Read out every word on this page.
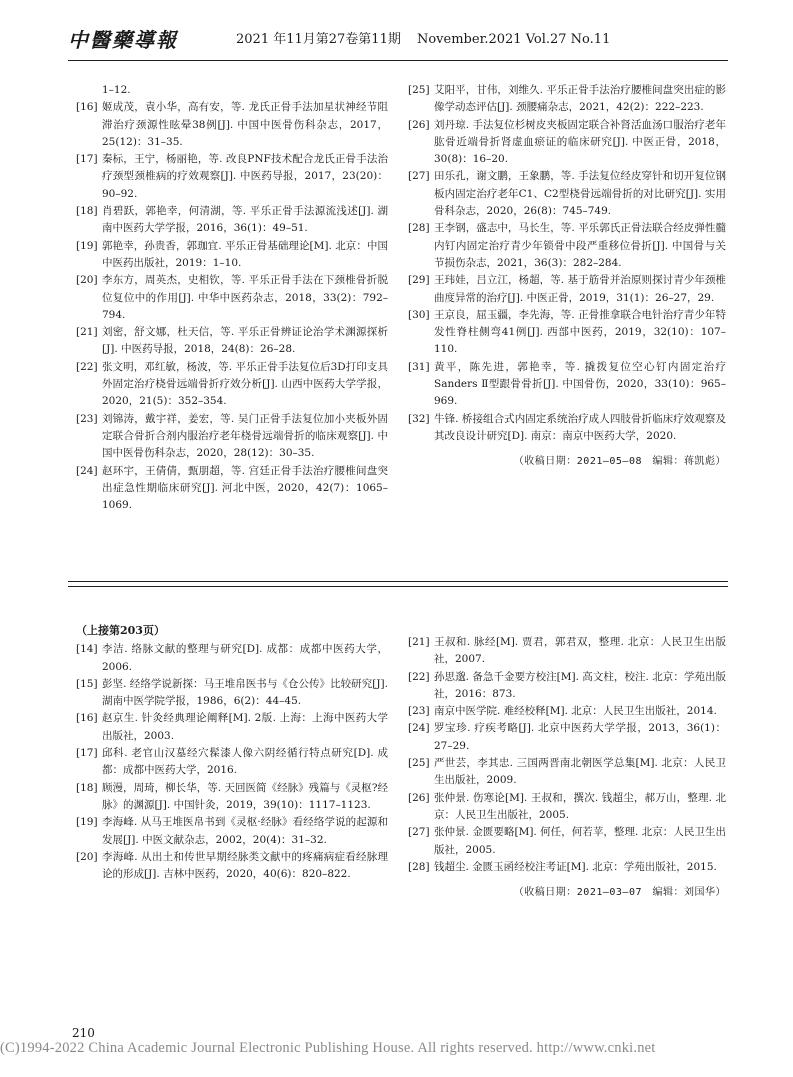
中醫藥導報	2021 年11月第27卷第11期 November.2021 Vol.27 No.11
1–12.
[16] 姬成茂，袁小华，高有安，等. 龙氏正骨手法加星状神经节阻滞治疗颈源性眩晕38例[J]. 中国中医骨伤科杂志，2017，25(12)：31–35.
[17] 秦标，王宁，杨丽艳，等. 改良PNF技术配合龙氏正骨手法治疗颈型颈椎病的疗效观察[J]. 中医药导报，2017，23(20)：90–92.
[18] 肖碧跃，郭艳幸，何清湖，等. 平乐正骨手法源流浅述[J]. 湖南中医药大学学报，2016，36(1)：49–51.
[19] 郭艳幸，孙贵香，郭珈宜. 平乐正骨基础理论[M]. 北京：中国中医药出版社，2019：1–10.
[20] 李东方，周英杰，史相钦，等. 平乐正骨手法在下颈椎骨折脱位复位中的作用[J]. 中华中医药杂志，2018，33(2)：792–794.
[21] 刘密，舒文娜，杜天信，等. 平乐正骨辨证论治学术渊源探析[J]. 中医药导报，2018，24(8)：26–28.
[22] 张文明，邓红敏，杨波，等. 平乐正骨手法复位后3D打印支具外固定治疗桡骨远端骨折疗效分析[J]. 山西中医药大学学报，2020，21(5)：352–354.
[23] 刘锦涛，戴宇祥，姜宏，等. 吴门正骨手法复位加小夹板外固定联合骨折合剂内服治疗老年桡骨远端骨折的临床观察[J]. 中国中医骨伤科杂志，2020，28(12)：30–35.
[24] 赵环宇，王倩倩，甄朋超，等. 宫廷正骨手法治疗腰椎间盘突出症急性期临床研究[J]. 河北中医，2020，42(7)：1065–1069.
[25] 艾阳平，甘伟，刘维久. 平乐正骨手法治疗腰椎间盘突出症的影像学动态评估[J]. 颈腰痛杂志，2021，42(2)：222–223.
[26] 刘丹琼. 手法复位杉树皮夹板固定联合补肾活血汤口服治疗老年肱骨近端骨折肾虚血瘀证的临床研究[J]. 中医正骨，2018，30(8)：16–20.
[27] 田乐孔，谢文鹏，王象鹏，等. 手法复位经皮穿针和切开复位钢板内固定治疗老年C1、C2型桡骨远端骨折的对比研究[J]. 实用骨科杂志，2020，26(8)：745–749.
[28] 王李钢，盛志中，马长生，等. 平乐郭氏正骨法联合经皮弹性髓内钉内固定治疗青少年锁骨中段严重移位骨折[J]. 中国骨与关节损伤杂志，2021，36(3)：282–284.
[29] 王玮娃，吕立江，杨超，等. 基于筋骨并治原则探讨青少年颈椎曲度异常的治疗[J]. 中医正骨，2019，31(1)：26–27，29.
[30] 王京良，屈玉疆，李先海，等. 正骨推拿联合电针治疗青少年特发性脊柱侧弯41例[J]. 西部中医药，2019，32(10)：107–110.
[31] 黄平，陈先进，郭艳幸，等. 撬拨复位空心钉内固定治疗Sanders Ⅱ型跟骨骨折[J]. 中国骨伤，2020，33(10)：965–969.
[32] 牛锋. 桥接组合式内固定系统治疗成人四肢骨折临床疗效观察及其改良设计研究[D]. 南京：南京中医药大学，2020.
（收稿日期：2021–05–08　编辑：蒋凯彪）
（上接第203页）
[14] 李洁. 络脉文献的整理与研究[D]. 成都：成都中医药大学，2006.
[15] 彭坚. 经络学说新探：马王堆帛医书与《仓公传》比较研究[J]. 湖南中医学院学报，1986，6(2)：44–45.
[16] 赵京生. 针灸经典理论阐释[M]. 2版. 上海：上海中医药大学出版社，2003.
[17] 邱科. 老官山汉墓经穴髹漆人像六阴经循行特点研究[D]. 成都：成都中医药大学，2016.
[18] 顾漫，周琦，柳长华，等. 天回医简《经脉》残篇与《灵枢?经脉》的渊源[J]. 中国针灸，2019，39(10)：1117–1123.
[19] 李海峰. 从马王堆医帛书到《灵枢·经脉》看经络学说的起源和发展[J]. 中医文献杂志，2002，20(4)：31–32.
[20] 李海峰. 从出土和传世早期经脉类文献中的疼痛病症看经脉理论的形成[J]. 吉林中医药，2020，40(6)：820–822.
[21] 王叔和. 脉经[M]. 贾君，郭君双，整理. 北京：人民卫生出版社，2007.
[22] 孙思邈. 备急千金要方校注[M]. 高文柱，校注. 北京：学苑出版社，2016：873.
[23] 南京中医学院. 难经校释[M]. 北京：人民卫生出版社，2014.
[24] 罗宝珍. 疗疾考略[J]. 北京中医药大学学报，2013，36(1)：27–29.
[25] 严世芸，李其忠. 三国两晋南北朝医学总集[M]. 北京：人民卫生出版社，2009.
[26] 张仲景. 伤寒论[M]. 王叔和，撰次. 钱超尘，郝万山，整理. 北京：人民卫生出版社，2005.
[27] 张仲景. 金匮要略[M]. 何任，何若苹，整理. 北京：人民卫生出版社，2005.
[28] 钱超尘. 金匮玉函经校注考证[M]. 北京：学苑出版社，2015.
（收稿日期：2021–03–07　编辑：刘国华）
210
(C)1994-2022 China Academic Journal Electronic Publishing House. All rights reserved. http://www.cnki.net
